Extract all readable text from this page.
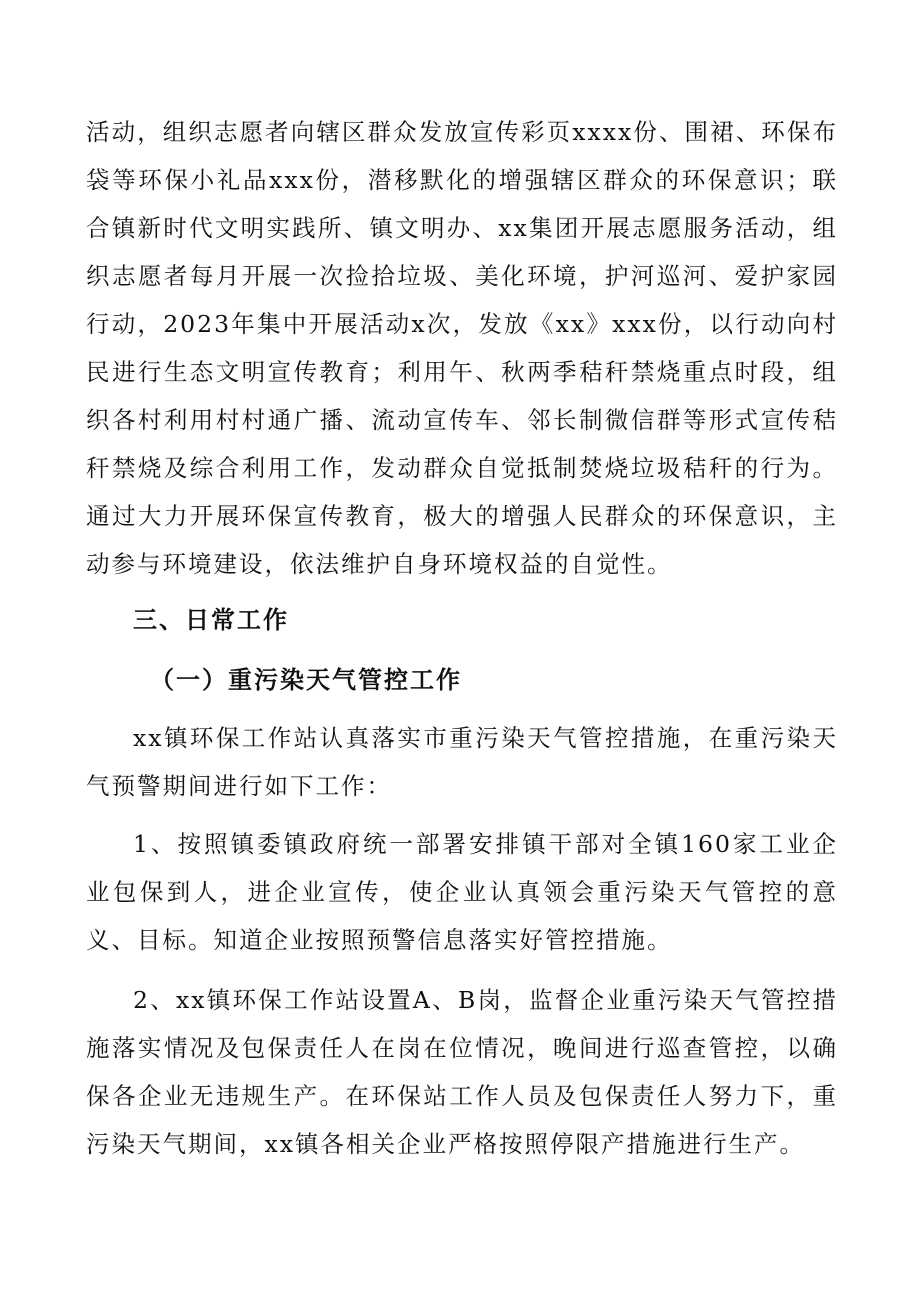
活动，组织志愿者向辖区群众发放宣传彩页xxxx份、围裙、环保布袋等环保小礼品xxx份，潜移默化的增强辖区群众的环保意识；联合镇新时代文明实践所、镇文明办、xx集团开展志愿服务活动，组织志愿者每月开展一次捡拾垃圾、美化环境，护河巡河、爱护家园行动，2023年集中开展活动x次，发放《xx》xxx份，以行动向村民进行生态文明宣传教育；利用午、秋两季秸秆禁烧重点时段，组织各村利用村村通广播、流动宣传车、邻长制微信群等形式宣传秸秆禁烧及综合利用工作，发动群众自觉抵制焚烧垃圾秸秆的行为。通过大力开展环保宣传教育，极大的增强人民群众的环保意识，主动参与环境建设，依法维护自身环境权益的自觉性。

三、日常工作
（一）重污染天气管控工作

xx镇环保工作站认真落实市重污染天气管控措施，在重污染天气预警期间进行如下工作：

1、按照镇委镇政府统一部署安排镇干部对全镇160家工业企业包保到人，进企业宣传，使企业认真领会重污染天气管控的意义、目标。知道企业按照预警信息落实好管控措施。

2、xx镇环保工作站设置A、B岗，监督企业重污染天气管控措施落实情况及包保责任人在岗在位情况，晚间进行巡查管控，以确保各企业无违规生产。在环保站工作人员及包保责任人努力下，重污染天气期间，xx镇各相关企业严格按照停限产措施进行生产。
